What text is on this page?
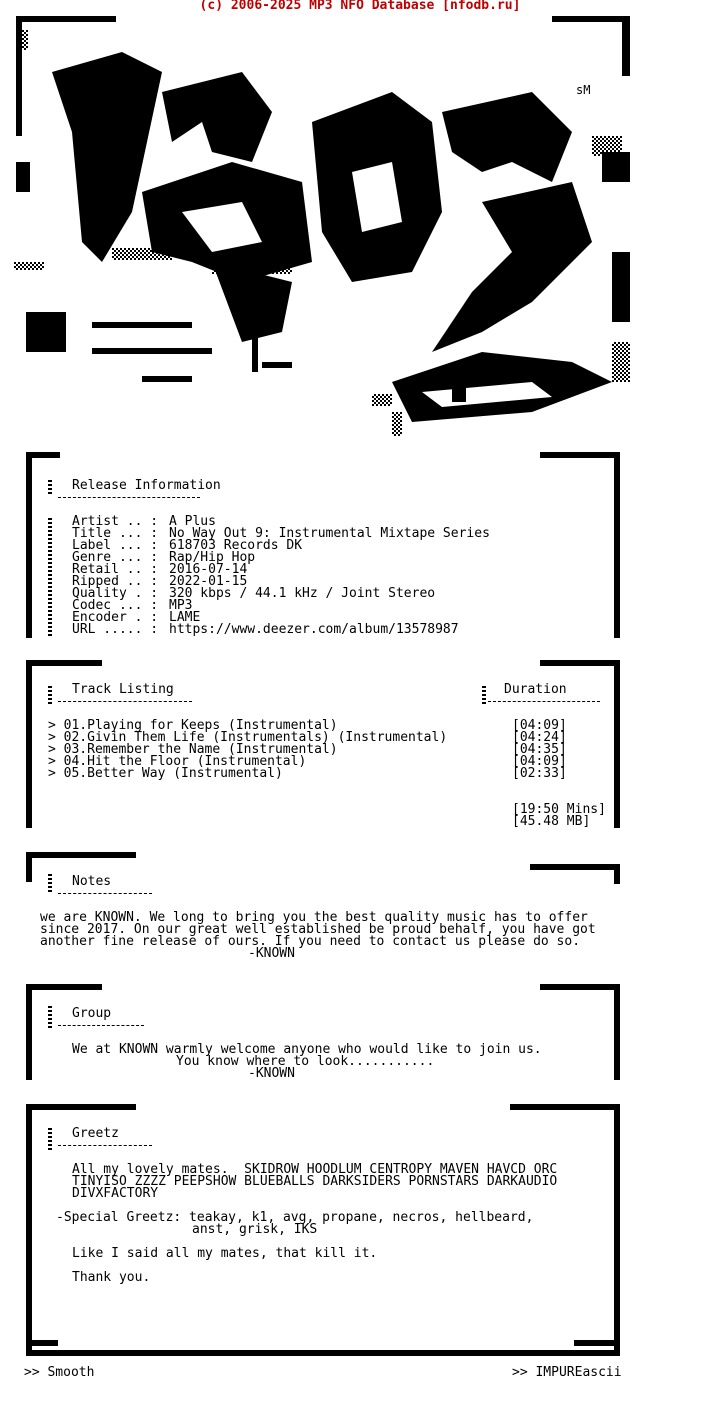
(c) 2006-2025 MP3 NFO Database [nfodb.ru]
sM
Release Information
Artist .. : A Plus
Title ... : No Way Out 9: Instrumental Mixtape Series
Label ... : 618703 Records DK
Genre ... : Rap/Hip Hop
Retail .. : 2016-07-14
Ripped .. : 2022-01-15
Quality . : 320 kbps / 44.1 kHz / Joint Stereo
Codec ... : MP3
Encoder . : LAME
URL ..... : https://www.deezer.com/album/13578987
Track Listing	Duration
> 01.Playing for Keeps (Instrumental)
> 02.Givin Them Life (Instrumentals) (Instrumental)
> 03.Remember the Name (Instrumental)
> 04.Hit the Floor (Instrumental)
> 05.Better Way (Instrumental)
[04:09]
[04:24]
[04:35]
[04:09]
[02:33]
[19:50 Mins]
[45.48 MB]
Notes
we are KNOWN. We long to bring you the best quality music has to offer
since 2017. On our great well established be proud behalf, you have got
another fine release of ours. If you need to contact us please do so.
-KNOWN
Group
We at KNOWN warmly welcome anyone who would like to join us.
You know where to look...........
-KNOWN
Greetz
All my lovely mates.  SKIDROW HOODLUM CENTROPY MAVEN HAVCD ORC
TINYISO ZZZZ PEEPSHOW BLUEBALLS DARKSIDERS PORNSTARS DARKAUDIO
DIVXFACTORY
-Special Greetz: teakay, k1, avg, propane, necros, hellbeard,
anst, grisk, IKS
Like I said all my mates, that kill it.
Thank you.
>> Smooth	>> IMPUREascii
